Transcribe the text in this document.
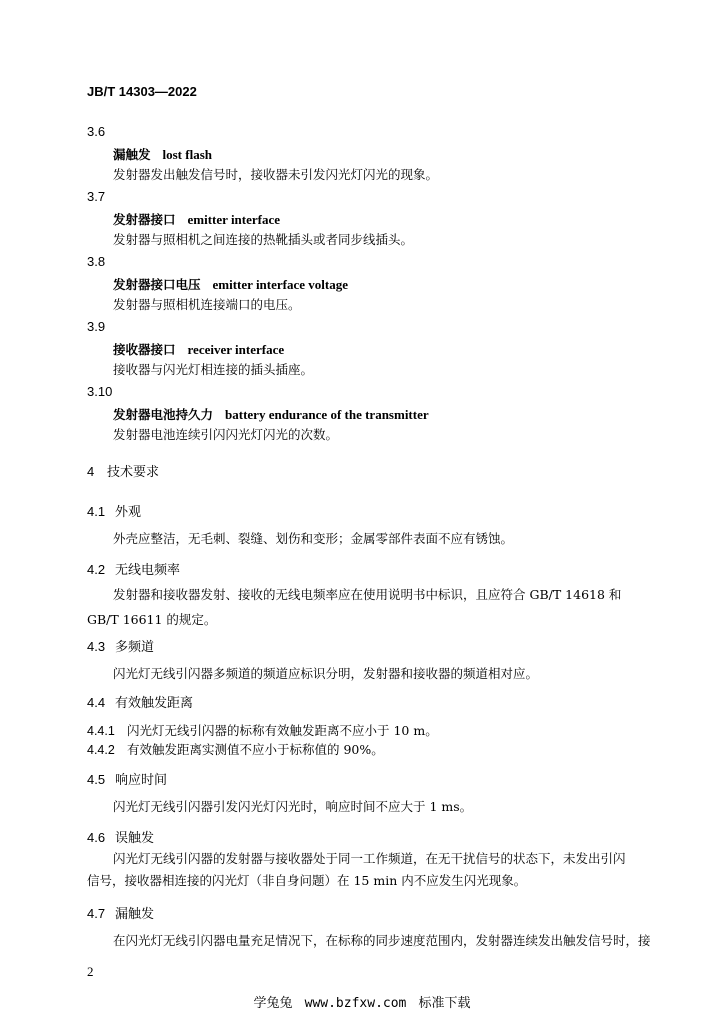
JB/T 14303—2022
3.6
漏触发 lost flash
发射器发出触发信号时，接收器未引发闪光灯闪光的现象。
3.7
发射器接口 emitter interface
发射器与照相机之间连接的热靴插头或者同步线插头。
3.8
发射器接口电压 emitter interface voltage
发射器与照相机连接端口的电压。
3.9
接收器接口 receiver interface
接收器与闪光灯相连接的插头插座。
3.10
发射器电池持久力 battery endurance of the transmitter
发射器电池连续引闪闪光灯闪光的次数。
4 技术要求
4.1 外观
外壳应整洁，无毛刺、裂缝、划伤和变形；金属零部件表面不应有锈蚀。
4.2 无线电频率
发射器和接收器发射、接收的无线电频率应在使用说明书中标识，且应符合 GB/T 14618 和 GB/T 16611 的规定。
4.3 多频道
闪光灯无线引闪器多频道的频道应标识分明，发射器和接收器的频道相对应。
4.4 有效触发距离
4.4.1 闪光灯无线引闪器的标称有效触发距离不应小于 10 m。
4.4.2 有效触发距离实测值不应小于标称值的 90%。
4.5 响应时间
闪光灯无线引闪器引发闪光灯闪光时，响应时间不应大于 1 ms。
4.6 误触发
闪光灯无线引闪器的发射器与接收器处于同一工作频道，在无干扰信号的状态下，未发出引闪信号，接收器相连接的闪光灯（非自身问题）在 15 min 内不应发生闪光现象。
4.7 漏触发
在闪光灯无线引闪器电量充足情况下，在标称的同步速度范围内，发射器连续发出触发信号时，接
2
学兔兔 www.bzfxw.com 标准下载
